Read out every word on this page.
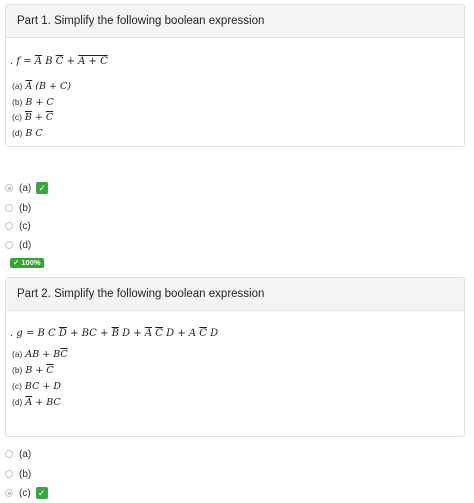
Part 1. Simplify the following boolean expression
. $f = \overline{A}$ B $\overline{C} + A + C$
(a) $\overline{A}$ (B + C)
(b) B + C
(c) $\overline{B} + \overline{C}$
(d) B C
(a) ✓
(b)
(c)
(d)
✓ 100%
Part 2. Simplify the following boolean expression
. g = B C $\overline{D}$ + BC + $\overline{B}$ $D + \overline{A}$ $\overline{C}$ D + A $\overline{C}$ D
(a) AB + $B\overline{C}$
(b) $B + \overline{C}$
(c) BC + D
(d) $\overline{A}$ + BC
(a)
(b)
(c) ✓
